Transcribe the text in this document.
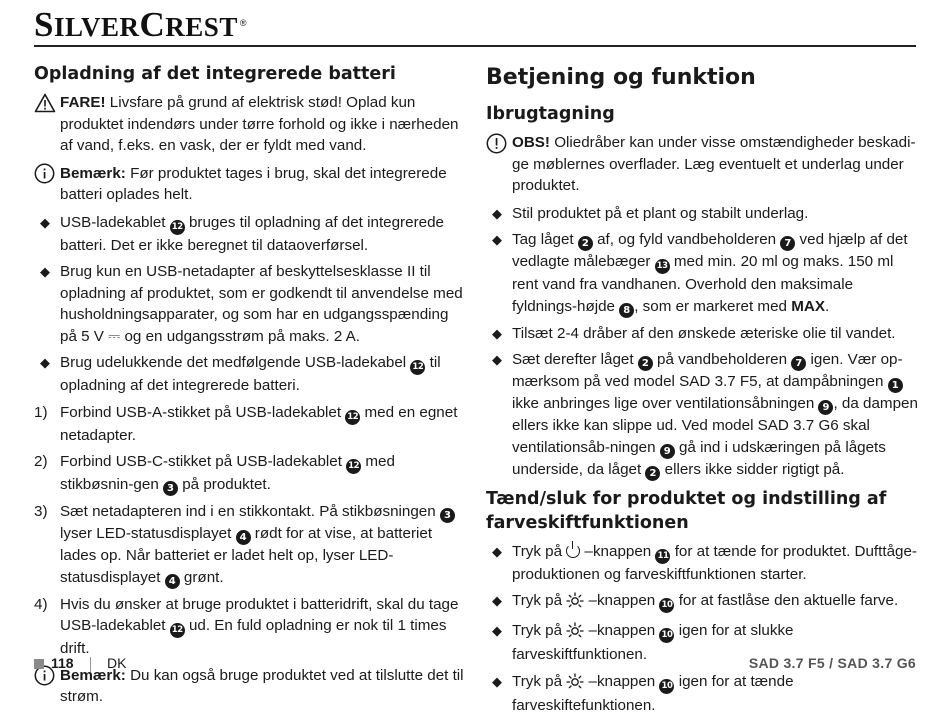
SILVERCREST ®
Opladning af det integrerede batteri
FARE! Livsfare på grund af elektrisk stød! Oplad kun produktet indendørs under tørre forhold og ikke i nærheden af vand, f.eks. en vask, der er fyldt med vand.
Bemærk: Før produktet tages i brug, skal det integrerede batteri oplades helt.
◆ USB-ladekablet 12 bruges til opladning af det integrerede batteri. Det er ikke beregnet til dataoverførsel.
◆ Brug kun en USB-netadapter af beskyttelsesklasse II til opladning af produktet, som er godkendt til anvendelse med husholdningsapparater, og som har en udgangsspænding på 5 V ⎓ og en udgangsstrøm på maks. 2 A.
◆ Brug udelukkende det medfølgende USB-ladekabel 12 til opladning af det integrerede batteri.
1) Forbind USB-A-stikket på USB-ladekablet 12 med en egnet netadapter.
2) Forbind USB-C-stikket på USB-ladekablet 12 med stikbøsnin-gen 3 på produktet.
3) Sæt netadapteren ind i en stikkontakt. På stikbøsningen 3 lyser LED-statusdisplayet 4 rødt for at vise, at batteriet lades op. Når batteriet er ladet helt op, lyser LED-statusdisplayet 4 grønt.
4) Hvis du ønsker at bruge produktet i batteridrift, skal du tage USB-ladekablet 12 ud. En fuld opladning er nok til 1 times drift.
Bemærk: Du kan også bruge produktet ved at tilslutte det til strøm.
Betjening og funktion
Ibrugtagning
OBS! Oliedråber kan under visse omstændigheder beskadi-ge møblernes overflader. Læg eventuelt et underlag under produktet.
◆ Stil produktet på et plant og stabilt underlag.
◆ Tag låget 2 af, og fyld vandbeholderen 7 ved hjælp af det vedlagte målebæger 13 med min. 20 ml og maks. 150 ml rent vand fra vandhanen. Overhold den maksimale fyldnings-højde 8 , som er markeret med MAX.
◆ Tilsæt 2-4 dråber af den ønskede æteriske olie til vandet.
◆ Sæt derefter låget 2 på vandbeholderen 7 igen. Vær op-mærksom på ved model SAD 3.7 F5, at dampåbningen 1 ikke anbringes lige over ventilationsåbningen 9 , da dampen ellers ikke kan slippe ud. Ved model SAD 3.7 G6 skal ventilationsåb-ningen 9 gå ind i udskæringen på lågets underside, da låget 2 ellers ikke sidder rigtigt på.
Tænd/sluk for produktet og indstilling af farveskiftfunktionen
◆ Tryk på  –knappen 11 for at tænde for produktet. Dufttåge-produktionen og farveskiftfunktionen starter.
◆ Tryk på  –knappen 10 for at fastlåse den aktuelle farve.
◆ Tryk på  –knappen 10 igen for at slukke farveskiftfunktionen.
◆ Tryk på  –knappen 10 igen for at tænde farveskiftefunktionen.
118 DK	SAD 3.7 F5 / SAD 3.7 G6
